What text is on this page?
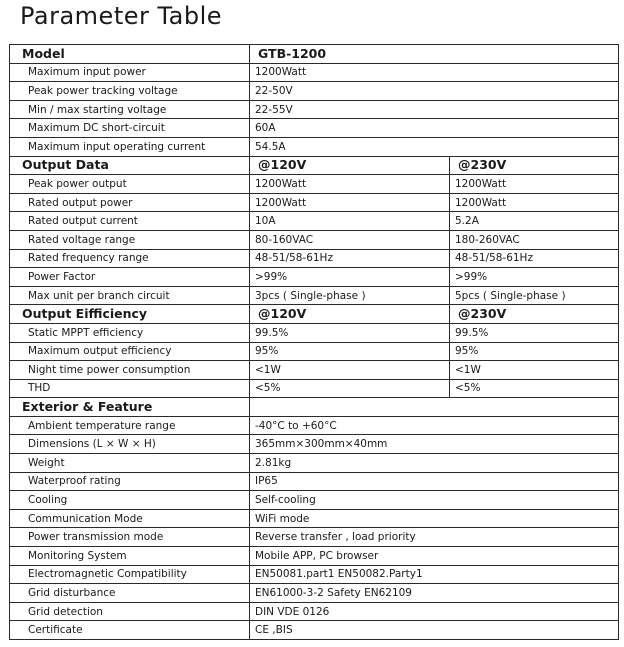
Parameter Table
Model	GTB-1200	
Maximum input power	1200Watt	
Peak power tracking voltage	22-50V	
Min / max starting voltage	22-55V	
Maximum DC short-circuit	60A	
Maximum input operating current	54.5A	
Output Data	@120V	@230V
Peak power output	1200Watt	1200Watt
Rated output power	1200Watt	1200Watt
Rated output current	10A	5.2A
Rated voltage range	80-160VAC	180-260VAC
Rated frequency range	48-51/58-61Hz	48-51/58-61Hz
Power Factor	>99%	>99%
Max unit per branch circuit	3pcs ( Single-phase )	5pcs ( Single-phase )
Output Eifficiency	@120V	@230V
Static MPPT efficiency	99.5%	99.5%
Maximum output efficiency	95%	95%
Night time power consumption	<1W	<1W
THD	<5%	<5%
Exterior & Feature		
Ambient temperature range	-40°C to +60°C	
Dimensions (L × W × H)	365mm×300mm×40mm	
Weight	2.81kg	
Waterproof rating	IP65	
Cooling	Self-cooling	
Communication Mode	WiFi mode	
Power transmission mode	Reverse transfer , load priority	
Monitoring System	Mobile APP, PC browser	
Electromagnetic Compatibility	EN50081.part1 EN50082.Party1	
Grid disturbance	EN61000-3-2 Safety EN62109	
Grid detection	DIN VDE 0126	
Certificate	CE ,BIS	
